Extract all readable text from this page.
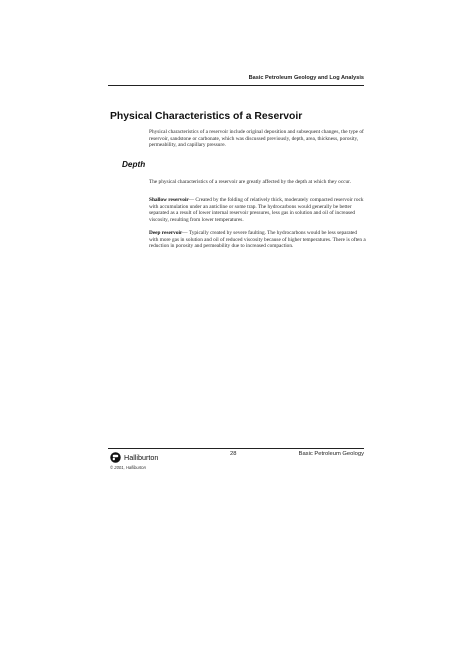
Basic Petroleum Geology and Log Analysis
Physical Characteristics of a Reservoir

Physical characteristics of a reservoir include original deposition and subsequent changes, the type of reservoir, sandstone or carbonate, which was discussed previously, depth, area, thickness, porosity, permeability, and capillary pressure.

Depth

The physical characteristics of a reservoir are greatly affected by the depth at which they occur.

Shallow reservoir— Created by the folding of relatively thick, moderately compacted reservoir rock with accumulation under an anticline or some trap. The hydrocarbons would generally be better separated as a result of lower internal reservoir pressures, less gas in solution and oil of increased viscosity, resulting from lower temperatures.

Deep reservoir— Typically created by severe faulting. The hydrocarbons would be less separated with more gas in solution and oil of reduced viscosity because of higher temperatures. There is often a reduction in porosity and permeability due to increased compaction.

Halliburton	28	Basic Petroleum Geology
© 2001, Halliburton
